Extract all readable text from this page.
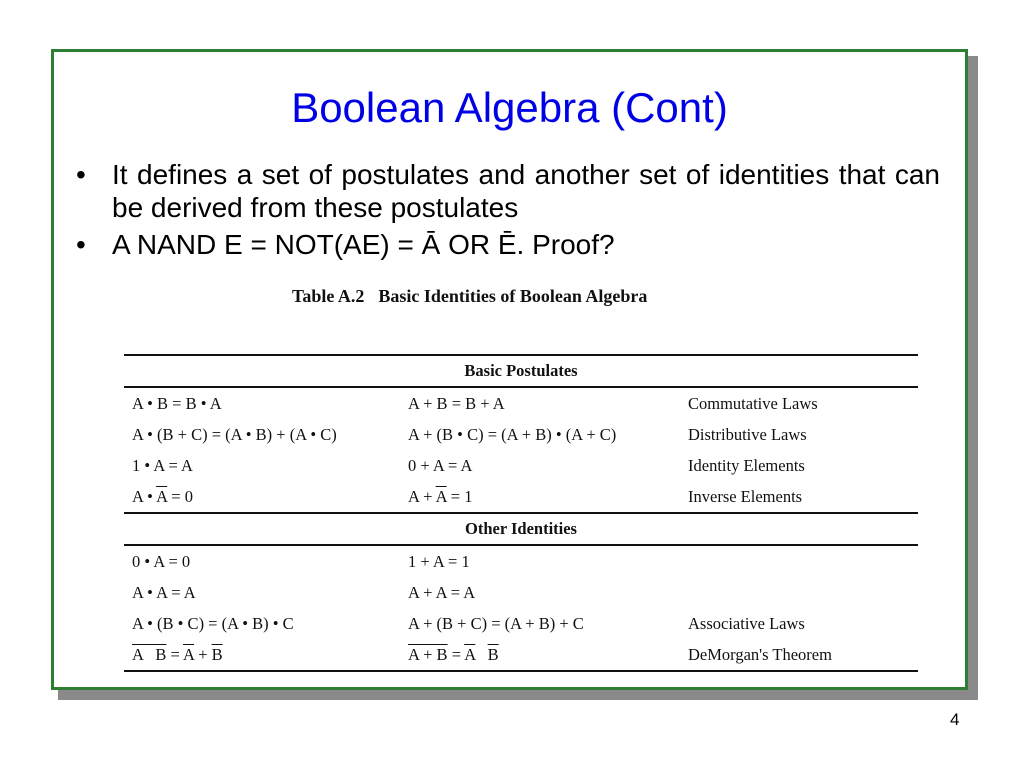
Boolean Algebra (Cont)
• It defines a set of postulates and another set of identities that can be derived from these postulates
• A NAND E = NOT(AE) = Ā OR Ē. Proof?
Table A.2 Basic Identities of Boolean Algebra
Basic Postulates		
A • B = B • A	A + B = B + A	Commutative Laws
A • (B + C) = (A • B) + (A • C)	A + (B • C) = (A + B) • (A + C)	Distributive Laws
1 • A = A	0 + A = A	Identity Elements
A • $\overline{A} = 0$	$A + \overline{A} = 1$	Inverse Elements
Other Identities		
0 • A = 0	1 + A = 1	
A • A = A	A + A = A	
A • (B • C) = (A • B) • C	A + (B + C) = (A + B) + C	Associative Laws
A   $B = \overline{A} + \overline{B}$	$A + B = \overline{A}$ $\overline{B}$	DeMorgan's Theorem
4
